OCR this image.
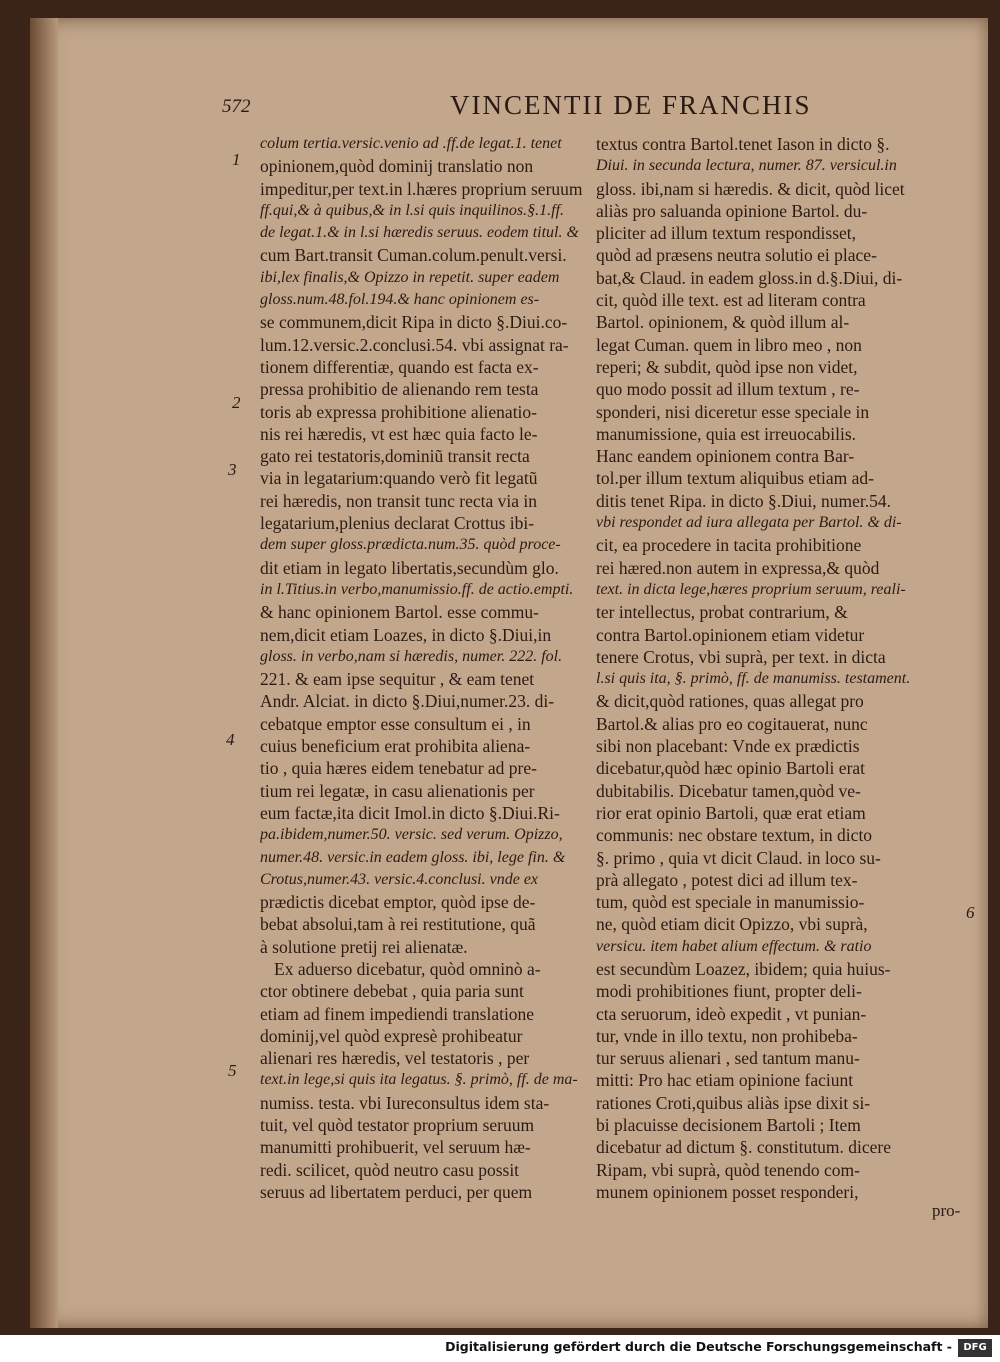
572	VINCENTII DE FRANCHIS
1
2
3
4
5
6
colum tertia.versic.venio ad .ff.de legat.1. tenet
opinionem,quòd dominij translatio non
impeditur,per text.in l.hæres proprium seruum
ff.qui,& à quibus,& in l.si quis inquilinos.§.1.ff.
de legat.1.& in l.si hæredis seruus. eodem titul. &
cum Bart.transit Cuman.colum.penult.versi.
ibi,lex finalis,& Opizzo in repetit. super eadem
gloss.num.48.fol.194.& hanc opinionem es-
se communem,dicit Ripa in dicto §.Diui.co-
lum.12.versic.2.conclusi.54. vbi assignat ra-
tionem differentiæ, quando est facta ex-
pressa prohibitio de alienando rem testa
toris ab expressa prohibitione alienatio-
nis rei hæredis, vt est hæc quia facto le-
gato rei testatoris,dominiũ transit recta
via in legatarium:quando verò fit legatũ
rei hæredis, non transit tunc recta via in
legatarium,plenius declarat Crottus ibi-
dem super gloss.prædicta.num.35. quòd proce-
dit etiam in legato libertatis,secundùm glo.
in l.Titius.in verbo,manumissio.ff. de actio.empti.
& hanc opinionem Bartol. esse commu-
nem,dicit etiam Loazes, in dicto §.Diui,in
gloss. in verbo,nam si hæredis, numer. 222. fol.
221. & eam ipse sequitur , & eam tenet
Andr. Alciat. in dicto §.Diui,numer.23. di-
cebatque emptor esse consultum ei , in
cuius beneficium erat prohibita aliena-
tio , quia hæres eidem tenebatur ad pre-
tium rei legatæ, in casu alienationis per
eum factæ,ita dicit Imol.in dicto §.Diui.Ri-
pa.ibidem,numer.50. versic. sed verum. Opizzo,
numer.48. versic.in eadem gloss. ibi, lege fin. &
Crotus,numer.43. versic.4.conclusi. vnde ex
prædictis dicebat emptor, quòd ipse de-
bebat absolui,tam à rei restitutione, quã
à solutione pretij rei alienatæ.
Ex aduerso dicebatur, quòd omninò a-
ctor obtinere debebat , quia paria sunt
etiam ad finem impediendi translatione
dominij,vel quòd expresè prohibeatur
alienari res hæredis, vel testatoris , per
text.in lege,si quis ita legatus. §. primò, ff. de ma-
numiss. testa. vbi Iureconsultus idem sta-
tuit, vel quòd testator proprium seruum
manumitti prohibuerit, vel seruum hæ-
redi. scilicet, quòd neutro casu possit
seruus ad libertatem perduci, per quem
textus contra Bartol.tenet Iason in dicto §.
Diui. in secunda lectura, numer. 87. versicul.in
gloss. ibi,nam si hæredis. & dicit, quòd licet
aliàs pro saluanda opinione Bartol. du-
pliciter ad illum textum respondisset,
quòd ad præsens neutra solutio ei place-
bat,& Claud. in eadem gloss.in d.§.Diui, di-
cit, quòd ille text. est ad literam contra
Bartol. opinionem, & quòd illum al-
legat Cuman. quem in libro meo , non
reperi; & subdit, quòd ipse non videt,
quo modo possit ad illum textum , re-
sponderi, nisi diceretur esse speciale in
manumissione, quia est irreuocabilis.
Hanc eandem opinionem contra Bar-
tol.per illum textum aliquibus etiam ad-
ditis tenet Ripa. in dicto §.Diui, numer.54.
vbi respondet ad iura allegata per Bartol. & di-
cit, ea procedere in tacita prohibitione
rei hæred.non autem in expressa,& quòd
text. in dicta lege,hæres proprium seruum, reali-
ter intellectus, probat contrarium, &
contra Bartol.opinionem etiam videtur
tenere Crotus, vbi suprà, per text. in dicta
l.si quis ita, §. primò, ff. de manumiss. testament.
& dicit,quòd rationes, quas allegat pro
Bartol.& alias pro eo cogitauerat, nunc
sibi non placebant: Vnde ex prædictis
dicebatur,quòd hæc opinio Bartoli erat
dubitabilis. Dicebatur tamen,quòd ve-
rior erat opinio Bartoli, quæ erat etiam
communis: nec obstare textum, in dicto
§. primo , quia vt dicit Claud. in loco su-
prà allegato , potest dici ad illum tex-
tum, quòd est speciale in manumissio-
ne, quòd etiam dicit Opizzo, vbi suprà,
versicu. item habet alium effectum. & ratio
est secundùm Loazez, ibidem; quia huius-
modi prohibitiones fiunt, propter deli-
cta seruorum, ideò expedit , vt punian-
tur, vnde in illo textu, non prohibeba-
tur seruus alienari , sed tantum manu-
mitti: Pro hac etiam opinione faciunt
rationes Croti,quibus aliàs ipse dixit si-
bi placuisse decisionem Bartoli ; Item
dicebatur ad dictum §. constitutum. dicere
Ripam, vbi suprà, quòd tenendo com-
munem opinionem posset responderi,
pro-
Digitalisierung gefördert durch die Deutsche Forschungsgemeinschaft -	DFG
